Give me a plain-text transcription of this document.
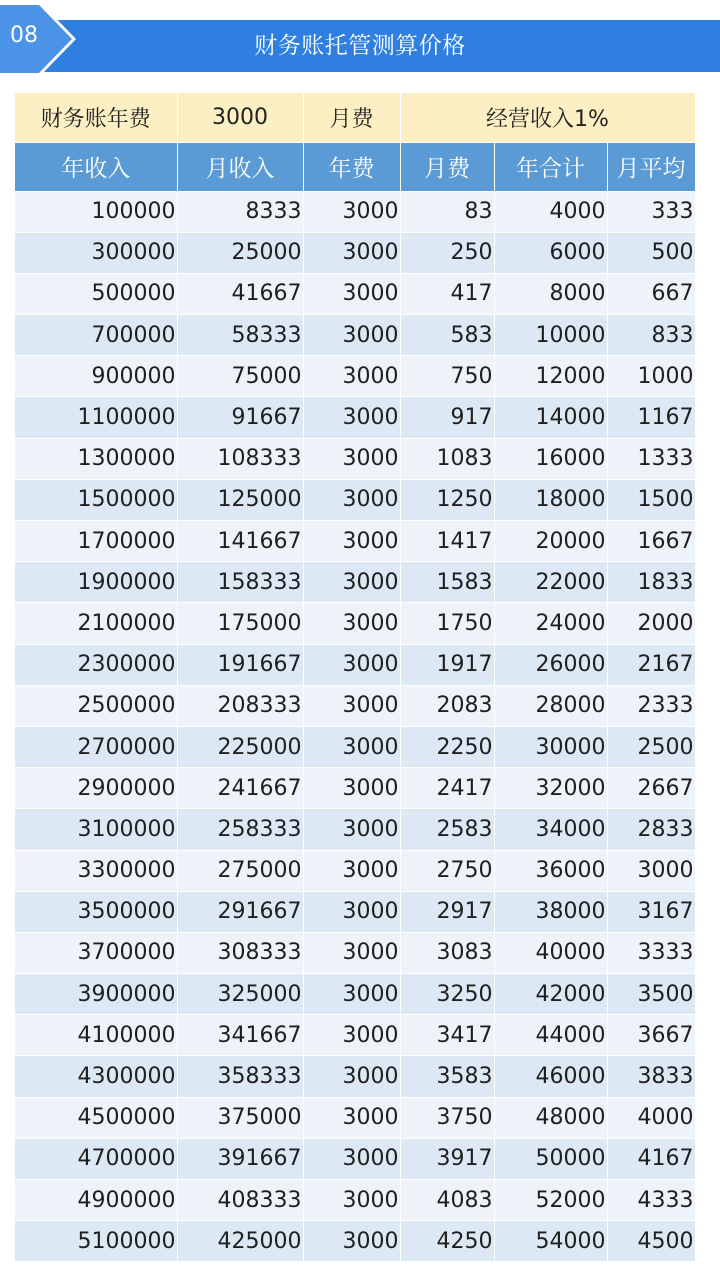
财务账托管测算价格
08
财务账年费	3000	月费	经营收入1%		
年收入	月收入	年费	月费	年合计	月平均
100000	8333	3000	83	4000	333
300000	25000	3000	250	6000	500
500000	41667	3000	417	8000	667
700000	58333	3000	583	10000	833
900000	75000	3000	750	12000	1000
1100000	91667	3000	917	14000	1167
1300000	108333	3000	1083	16000	1333
1500000	125000	3000	1250	18000	1500
1700000	141667	3000	1417	20000	1667
1900000	158333	3000	1583	22000	1833
2100000	175000	3000	1750	24000	2000
2300000	191667	3000	1917	26000	2167
2500000	208333	3000	2083	28000	2333
2700000	225000	3000	2250	30000	2500
2900000	241667	3000	2417	32000	2667
3100000	258333	3000	2583	34000	2833
3300000	275000	3000	2750	36000	3000
3500000	291667	3000	2917	38000	3167
3700000	308333	3000	3083	40000	3333
3900000	325000	3000	3250	42000	3500
4100000	341667	3000	3417	44000	3667
4300000	358333	3000	3583	46000	3833
4500000	375000	3000	3750	48000	4000
4700000	391667	3000	3917	50000	4167
4900000	408333	3000	4083	52000	4333
5100000	425000	3000	4250	54000	4500
